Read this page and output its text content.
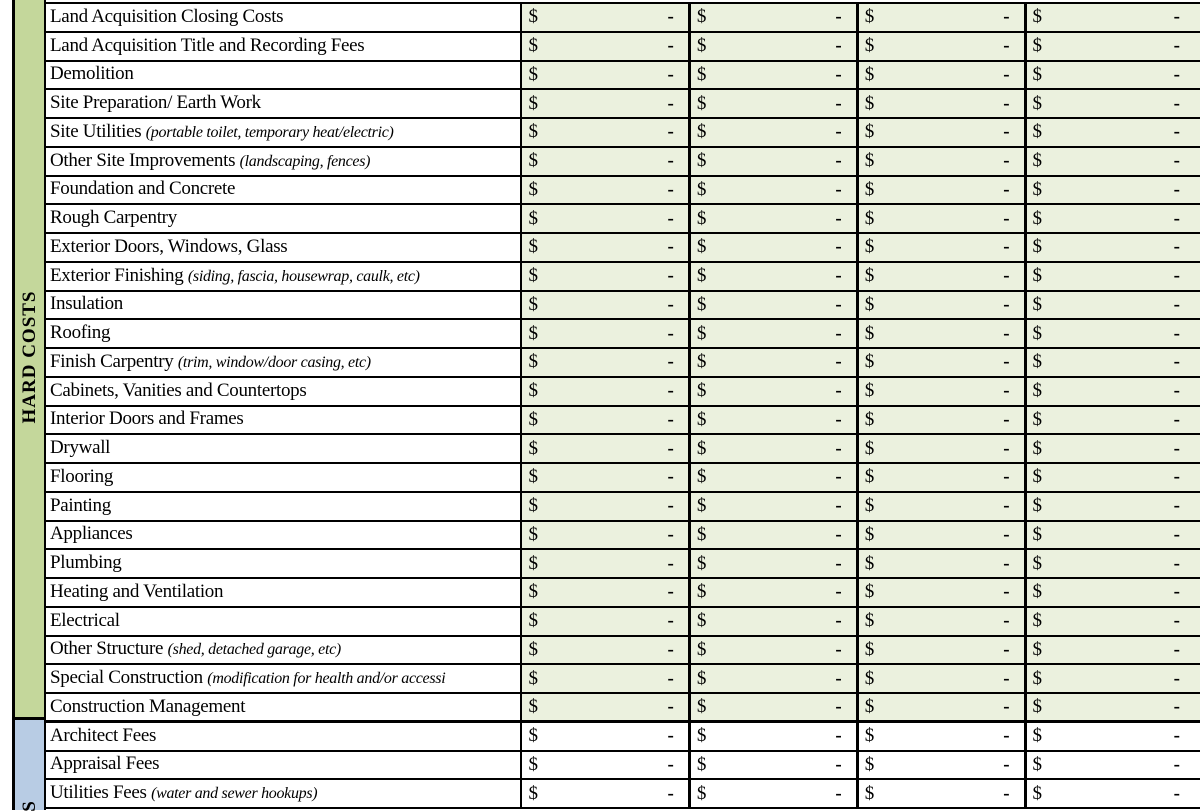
HARD COSTS
S
Land Acquisition Closing Costs	$ -	$ -	$ -	$ -

Land Acquisition Title and Recording Fees	$ -	$ -	$ -	$ -

Demolition	$ -	$ -	$ -	$ -

Site Preparation/ Earth Work	$ -	$ -	$ -	$ -

Site Utilities (portable toilet, temporary heat/electric)	$ -	$ -	$ -	$ -

Other Site Improvements (landscaping, fences)	$ -	$ -	$ -	$ -

Foundation and Concrete	$ -	$ -	$ -	$ -

Rough Carpentry	$ -	$ -	$ -	$ -

Exterior Doors, Windows, Glass	$ -	$ -	$ -	$ -

Exterior Finishing (siding, fascia, housewrap, caulk, etc)	$ -	$ -	$ -	$ -

Insulation	$ -	$ -	$ -	$ -

Roofing	$ -	$ -	$ -	$ -

Finish Carpentry (trim, window/door casing, etc)	$ -	$ -	$ -	$ -

Cabinets, Vanities and Countertops	$ -	$ -	$ -	$ -

Interior Doors and Frames	$ -	$ -	$ -	$ -

Drywall	$ -	$ -	$ -	$ -

Flooring	$ -	$ -	$ -	$ -

Painting	$ -	$ -	$ -	$ -

Appliances	$ -	$ -	$ -	$ -

Plumbing	$ -	$ -	$ -	$ -

Heating and Ventilation	$ -	$ -	$ -	$ -

Electrical	$ -	$ -	$ -	$ -

Other Structure (shed, detached garage, etc)	$ -	$ -	$ -	$ -

Special Construction (modification for health and/or accessi	$ -	$ -	$ -	$ -

Construction Management	$ -	$ -	$ -	$ -

Architect Fees	$ -	$ -	$ -	$ -

Appraisal Fees	$ -	$ -	$ -	$ -

Utilities Fees (water and sewer hookups)	$ -	$ -	$ -	$ -
